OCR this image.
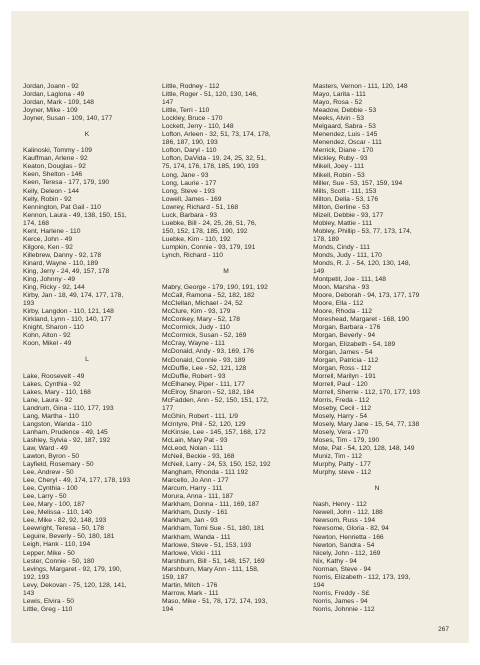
Jordan, Joann - 92
Jordan, Laglona - 49
Jordan, Mark - 109, 148
Joyner, Mike - 109
Joyner, Susan - 109, 140, 177
K
Kalinoski, Tommy - 109
Kauffman, Arlene - 92
Keaton, Douglas - 92
Keen, Shelton - 146
Keen, Teresa - 177, 179, 190
Kelly, Deleon - 144
Kelly, Robin - 92
Kennington, Pat Gail - 110
Kennon, Laura - 49, 138, 150, 151,
174, 168
Kent, Harlene - 110
Kerce, John - 49
Kilgore, Ken - 92
Killebrew, Danny - 92, 178
Kinard, Wayne - 110, 189
King, Jerry - 24, 49, 157, 178
King, Johnny - 49
King, Ricky - 92, 144
Kirby, Jan - 18, 49, 174, 177, 178,
193
Kirby, Langdon - 110, 121, 148
Kirkland, Lynn - 110, 140, 177
Knight, Sharon - 110
Kohn, Alton - 92
Koon, Mikel - 49
L
Lake, Roosevelt - 49
Lakes, Cynthia - 92
Lakes, Mary - 110, 168
Lane, Laura - 92
Landrum, Gina - 110, 177, 193
Lang, Martha - 110
Langston, Wanda - 110
Lanham, Prudence - 49, 145
Lashley, Sylvia - 92, 187, 192
Law, Ward - 49
Lawton, Byron - 50
Layfield, Rosemary - 50
Lee, Andrew - 50
Lee, Cheryl - 49, 174, 177, 178, 193
Lee, Cynthia - 100
Lee, Larry - 50
Lee, Mary - 100, 187
Lee, Melissa - 110, 140
Lee, Mike - 82, 92, 148, 193
Leewright, Teresa - 50, 178
Leguire, Beverly - 50, 180, 181
Leigh, Hank - 110, 194
Lepper, Mike - 50
Lester, Connie - 50, 180
Levings, Margaret - 92, 179, 190,
192, 193
Levy, Dekovan - 75, 120, 128, 141,
143
Lewis, Elvira - 50
Little, Greg - 110
Little, Rodney - 112
Little, Roger - 51, 120, 130, 146,
147
Little, Terri - 110
Lockley, Bruce - 170
Lockett, Jerry - 110, 148
Lofton, Arleen - 32, 51, 73, 174, 178,
186, 187, 190, 193
Lofton, Daryl - 110
Lofton, DaVida - 19, 24, 25, 32, 51,
75, 174, 176, 178, 185, 190, 193
Long, Jane - 93
Long, Laurie - 177
Long, Steve - 193
Lowell, James - 169
Lowrey, Richard - 51, 168
Luck, Barbara - 93
Luebke, Bill - 24, 25, 26, 51, 76,
150, 152, 178, 185, 190, 192
Luebke, Kim - 110, 192
Lumpkin, Connie - 93, 179, 191
Lynch, Richard - 110
M
Mabry, George - 179, 190, 191, 192
McCall, Ramona - 52, 182, 182
McClellan, Michael - 24, 52
McClure, Kim - 93, 179
McConkey, Mary - 52, 178
McCormick, Judy - 110
McCormick, Susan - 52, 169
McCray, Wayne - 111
McDonald, Andy - 93, 169, 176
McDonald, Connie - 93, 189
McDuffie, Lee - 52, 121, 128
McDuffie, Robert - 93
McElhaney, Piper - 111, 177
McElroy, Sharon - 52, 182, 184
McFadden, Ann - 52, 150, 151, 172,
177
McGhin, Robert - 111, 1/9
McIntyre, Phil - 52, 120, 129
McKinsie, Lee - 145, 157, 168, 172
McLain, Mary Pat - 93
McLeod, Nolan - 111
McNeil, Beckie - 93, 168
McNeil, Larry - 24, 53, 150, 152, 192
Mangham, Rhonda - 111 192
Marcello, Jo Ann - 177
Marcum, Harry - 111
Morura, Anna - 111, 187
Markham, Donna - 111, 169, 187
Markham, Dusty - 161
Markham, Jan - 93
Markham, Tomi Sue - 51, 180, 181
Markham, Wanda - 111
Marlowe, Steve - 51, 153, 193
Marlowe, Vicki - 111
Marshburn, Bill - 51, 148, 157, 169
Marshburn, Mary Ann - 111, 158,
159, 187
Martin, Mitch - 176
Marrow, Mark - 111
Maso, Mike - 51, 78, 172, 174, 193,
194
Masters, Vernon - 111, 120, 148
Mayo, Larita - 111
Mayo, Rosa - 52
Meadow, Debbie - 53
Meeks, Alvin - 53
Melgaard, Sabra - 53
Menendez, Luis - 145
Menendez, Oscar - 111
Merrick, Diane - 170
Mickley, Ruby - 93
Mikell, Joey - 111
Mikell, Robin - 53
Miller, Sue - 53, 157, 159, 194
Mills, Scott - 111, 153
Milton, Della - 53, 176
Milton, Gerline - 53
Mizell, Debbie - 93, 177
Mobley, Mattie - 111
Mobley, Phillip - 53, 77, 173, 174,
178, 189
Monds, Cindy - 111
Monds, Judy - 111, 170
Monds, R. J. - 54, 120, 130, 148,
149
Montpetit, Joe - 111, 148
Moon, Marsha - 93
Moore, Deborah - 94, 173, 177, 179
Moore, Ella - 112
Moore, Rhoda - 112
Moreshead, Margaret - 168, 190
Morgan, Barbara - 176
Morgan, Beverly - 94
Morgan, Elizabeth - 54, 189
Morgan, James - 54
Morgan, Patricia - 112
Morgan, Ross - 112
Morrell, Marilyn - 191
Morrell, Paul - 120
Morrell, Sherrie - 112, 170, 177, 193
Morris, Freda - 112
Moseby, Cecil - 112
Mosely, Harry - 54
Mosely, Mary Jane - 15, 54, 77, 138
Mosely, Vera - 170
Moses, Tim - 179, 190
Mote, Pat - 54, 120, 128, 148, 149
Muniz, Tim - 112
Murphy, Patty - 177
Murphy, steve - 112
N
Nash, Henry - 112
Newell, John - 112, 188
Newsom, Russ - 194
Newsome, Gloria - 82, 94
Newton, Henrietta - 166
Newton, Sandra - 54
Nicely, John - 112, 169
Nix, Kathy - 94
Norman, Steve - 94
Norris, Elizabeth - 112, 173, 193,
194
Norris, Freddy - S£
Norris, James - 94
Norris, Johnnie - 112
267
